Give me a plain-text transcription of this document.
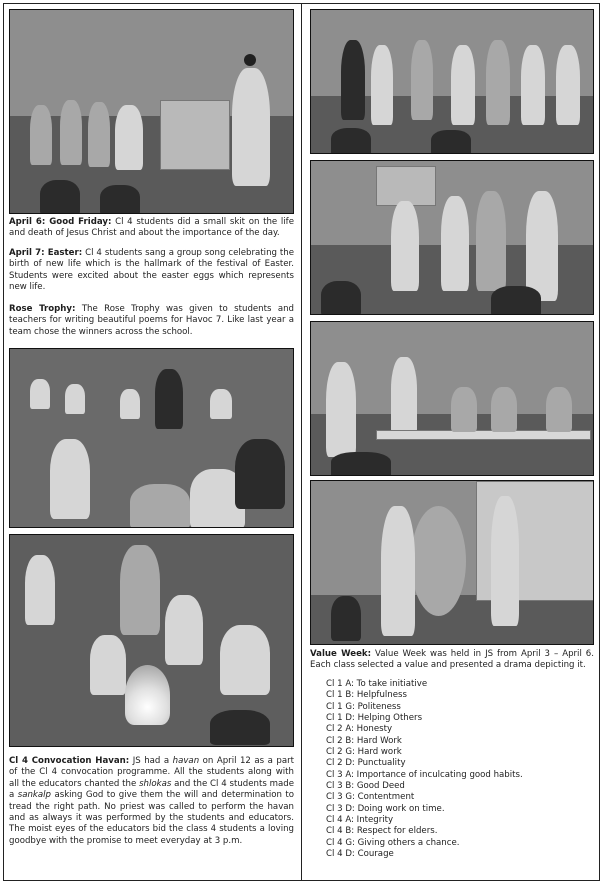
April 6: Good Friday: Cl 4 students did a small skit on the life and death of Jesus Christ and about the importance of the day.

April 7: Easter: Cl 4 students sang a group song celebrating the birth of new life which is the hallmark of the festival of Easter. Students were excited about the easter eggs which represents new life.

Rose Trophy: The Rose Trophy was given to students and teachers for writing beautiful poems for Havoc 7. Like last year a team chose the winners across the school.

Cl 4 Convocation Havan: JS had a havan on April 12 as a part of the Cl 4 convocation programme. All the students along with all the educators chanted the shlokas and the Cl 4 students made a sankalp asking God to give them the will and determination to tread the right path. No priest was called to perform the havan and as always it was performed by the students and educators. The moist eyes of the educators bid the class 4 students a loving goodbye with the promise to meet everyday at 3 p.m.

Value Week: Value Week was held in JS from April 3 – April 6. Each class selected a value and presented a drama depicting it.

Cl 1 A: To take initiative
Cl 1 B: Helpfulness
Cl 1 G: Politeness
Cl 1 D: Helping Others
Cl 2 A: Honesty
Cl 2 B: Hard Work
Cl 2 G: Hard work
Cl 2 D: Punctuality
Cl 3 A: Importance of inculcating good habits.
Cl 3 B: Good Deed
Cl 3 G: Contentment
Cl 3 D: Doing work on time.
Cl 4 A: Integrity
Cl 4 B: Respect for elders.
Cl 4 G: Giving others a chance.
Cl 4 D: Courage
